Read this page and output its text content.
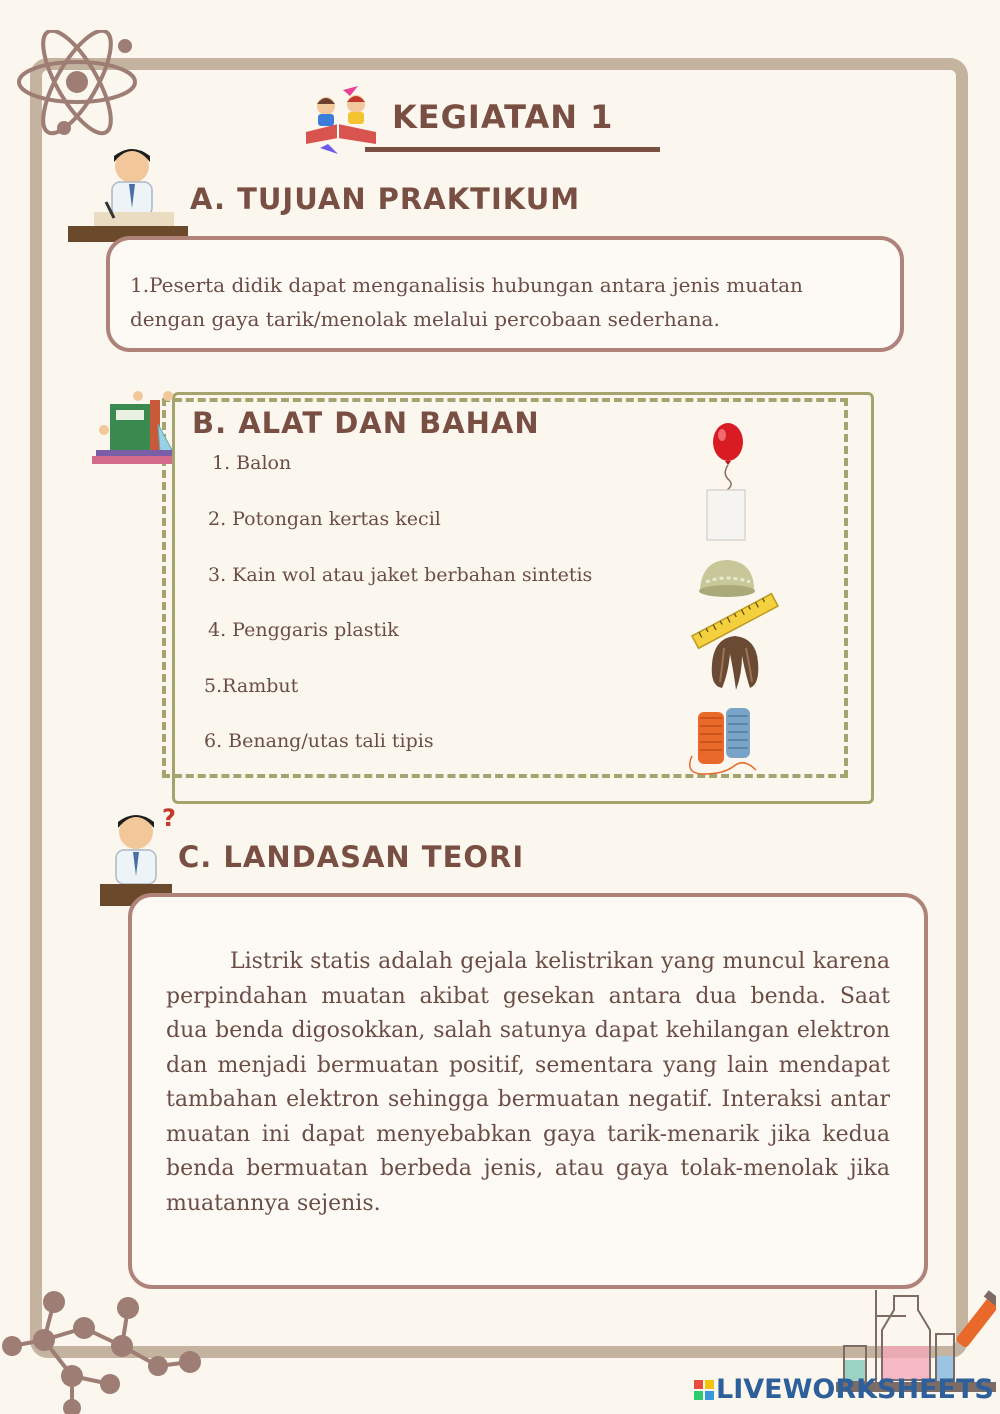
KEGIATAN 1
A. TUJUAN PRAKTIKUM

1.Peserta didik dapat menganalisis hubungan antara jenis muatan

dengan gaya tarik/menolak melalui percobaan sederhana.

B. ALAT DAN BAHAN
1. Balon
2. Potongan kertas kecil
3. Kain wol atau jaket berbahan sintetis
4. Penggaris plastik
5.Rambut
6. Benang/utas tali tipis
?
C. LANDASAN TEORI

Listrik statis adalah gejala kelistrikan yang muncul karena perpindahan muatan akibat gesekan antara dua benda. Saat dua benda digosokkan, salah satunya dapat kehilangan elektron dan menjadi bermuatan positif, sementara yang lain mendapat tambahan elektron sehingga bermuatan negatif. Interaksi antar muatan ini dapat menyebabkan gaya tarik-menarik jika kedua benda bermuatan berbeda jenis, atau gaya tolak-menolak jika muatannya sejenis.

LIVEWORKSHEETS
